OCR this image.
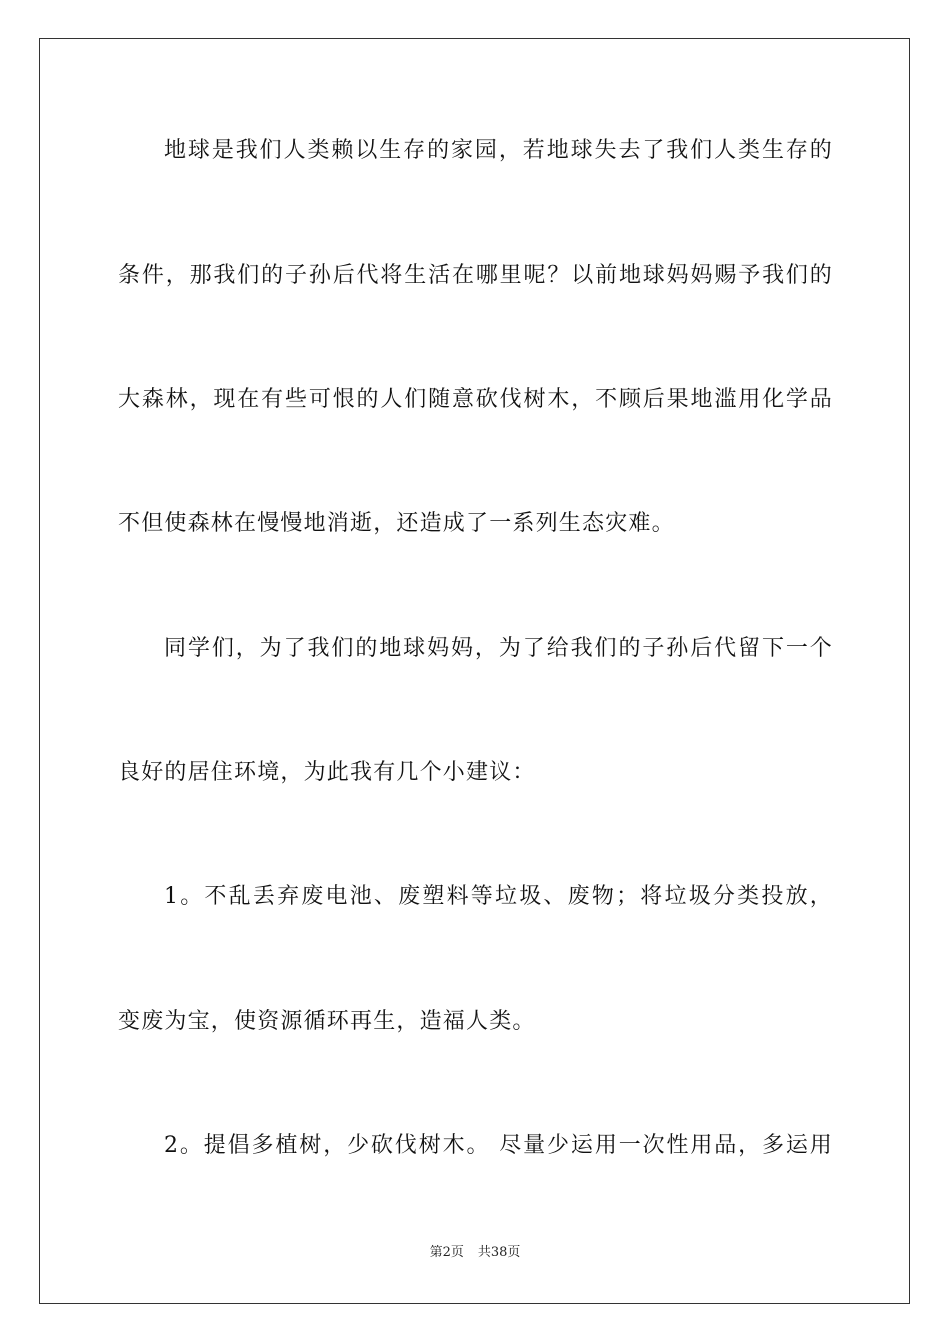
地球是我们人类赖以生存的家园，若地球失去了我们人类生存的
条件，那我们的子孙后代将生活在哪里呢？以前地球妈妈赐予我们的
大森林，现在有些可恨的人们随意砍伐树木，不顾后果地滥用化学品
不但使森林在慢慢地消逝，还造成了一系列生态灾难。
同学们，为了我们的地球妈妈，为了给我们的子孙后代留下一个
良好的居住环境，为此我有几个小建议：
1。不乱丢弃废电池、废塑料等垃圾、废物；将垃圾分类投放，
变废为宝，使资源循环再生，造福人类。
2。提倡多植树，少砍伐树木。 尽量少运用一次性用品，多运用
第2页 共38页
